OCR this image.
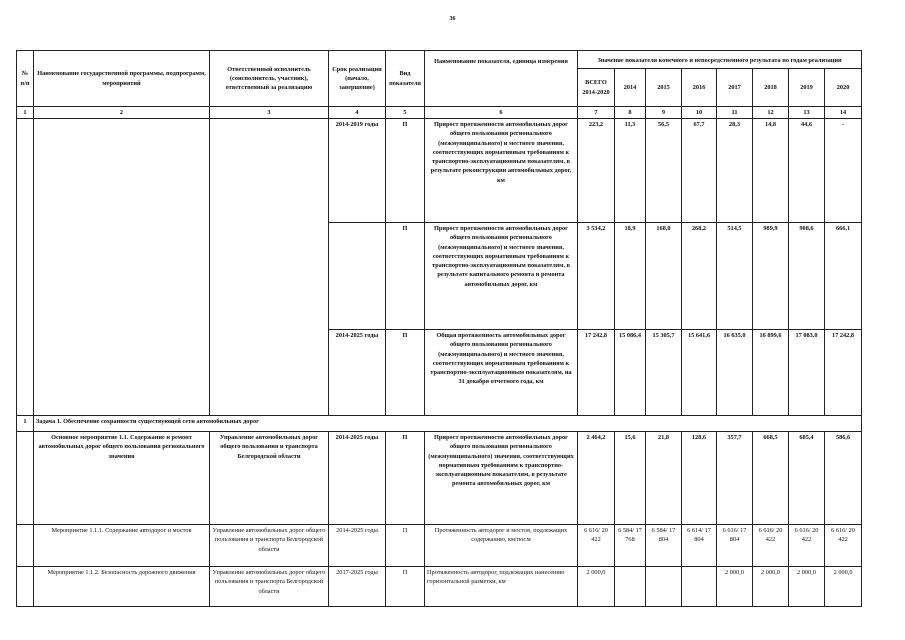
36
№ п/п	Наименование государственной программы, подпрограмм, мероприятий	Ответственный исполнитель (соисполнитель, участник), ответственный за реализацию	Срок реализации (начало, завершение)	Вид показателя	Наименование показателя, единица измерения	Значение показателя конечного и непосредственного результата по годам реализации							
						ВСЕГО 2014-2020	2014	2015	2016	2017	2018	2019	2020
1	2	3	4	5	6	7	8	9	10	11	12	13	14
			2014-2019 годы	П	Прирост протяженности автомобильных дорог общего пользования регионального (межмуниципального) и местного значения, соответствующих нормативным требованиям к транспортно-эксплуатационным показателям, в результате реконструкции автомобильных дорог, км	223,2	11,3	56,5	67,7	28,3	14,8	44,6	-
				П	Прирост протяженности автомобильных дорог общего пользования регионального (межмуниципального) и местного значения, соответствующих нормативным требованиям к транспортно-эксплуатационным показателям, в результате капитального ремонта и ремонта автомобильных дорог, км	3 534,2	18,9	168,0	268,2	514,5	989,9	908,6	666,1
			2014-2025 годы	П	Общая протяженность автомобильных дорог общего пользования регионального (межмуниципального) и местного значения, соответствующих нормативным требованиям к транспортно-эксплуатационным показателям, на 31 декабря отчетного года, км	17 242,8	15 086,4	15 305,7	15 641,6	16 635,0	16 899,6	17 083,0	17 242,8
1	Задача 1. Обеспечение сохранности существующей сети автомобильных дорог												
	Основное мероприятие 1.1. Содержание и ремонт автомобильных дорог общего пользования регионального значения	Управление автомобильных дорог общего пользования и транспорта Белгородской области	2014-2025 годы	П	Прирост протяженности автомобильных дорог общего пользования регионального (межмуниципального) значения, соответствующих нормативным требованиям к транспортно-эксплуатационным показателям, в результате ремонта автомобильных дорог, км	2 464,2	15,6	21,8	128,6	357,7	668,5	685,4	586,6
	Мероприятие 1.1.1. Содержание автодорог и мостов	Управление автомобильных дорог общего пользования и транспорта Белгородской области	2014-2025 годы	П	Протяженность автодорог и мостов, подлежащих содержанию, км/пог.м	6 616/ 20 422	6 584/ 17 768	6 584/ 17 804	6 614/ 17 804	6 616/ 17 804	6 616/ 20 422	6 616/ 20 422	6 616/ 20 422
	Мероприятие 1.1.2. Безопасность дорожного движения	Управление автомобильных дорог общего пользования и транспорта Белгородской области	2017-2025 годы	П	Протяженность автодорог, подлежащих нанесению горизонтальной разметки, км	2 000,0				2 000,0	2 000,0	2 000,0	2 000,0
